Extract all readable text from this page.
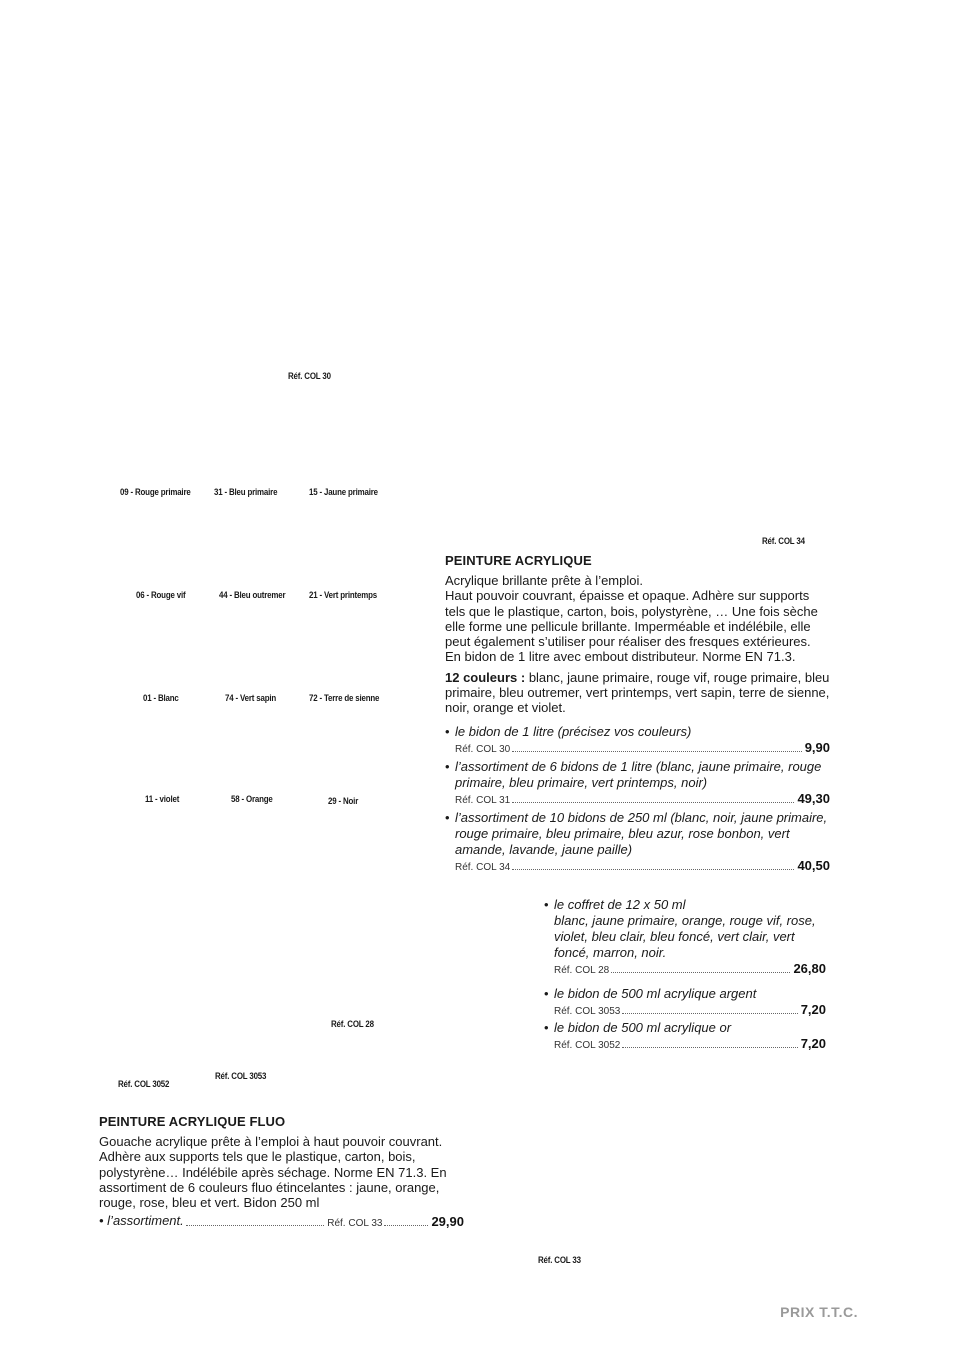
Réf. COL 30
09 - Rouge primaire	31 - Bleu primaire	15 - Jaune primaire
06 - Rouge vif	44 - Bleu outremer	21 - Vert printemps
01 - Blanc	74 - Vert sapin	72 - Terre de sienne
11 - violet	58 - Orange	29 - Noir
Réf. COL 34
Réf. COL 28
Réf. COL 3053
Réf. COL 3052
Réf. COL 33
PEINTURE ACRYLIQUE
Acrylique brillante prête à l’emploi.
Haut pouvoir couvrant, épaisse et opaque. Adhère sur supports tels que le plastique, carton, bois, polystyrène, … Une fois sèche elle forme une pellicule brillante. Imperméable et indélébile, elle peut également s’utiliser pour réaliser des fresques extérieures. En bidon de 1 litre avec embout distributeur. Norme EN 71.3.
12 couleurs : blanc, jaune primaire, rouge vif, rouge primaire, bleu primaire, bleu outremer, vert printemps, vert sapin, terre de sienne, noir, orange et violet.
• le bidon de 1 litre (précisez vos couleurs)
Réf. COL 30	9,90
• l’assortiment de 6 bidons de 1 litre (blanc, jaune primaire, rouge primaire, bleu primaire, vert printemps, noir)
Réf. COL 31	49,30
• l’assortiment de 10 bidons de 250 ml (blanc, noir, jaune primaire, rouge primaire, bleu primaire, bleu azur, rose bonbon, vert amande, lavande, jaune paille)
Réf. COL 34	40,50
• le coffret de 12 x 50 ml
blanc, jaune primaire, orange, rouge vif, rose, violet, bleu clair, bleu foncé, vert clair, vert foncé, marron, noir.
Réf. COL 28	26,80
• le bidon de 500 ml acrylique argent
Réf. COL 3053	7,20
• le bidon de 500 ml acrylique or
Réf. COL 3052	7,20
PEINTURE ACRYLIQUE FLUO
Gouache acrylique prête à l’emploi à haut pouvoir couvrant. Adhère aux supports tels que le plastique, carton, bois, polystyrène… Indélébile après séchage. Norme EN 71.3. En assortiment de 6 couleurs fluo étincelantes : jaune, orange, rouge, rose, bleu et vert. Bidon 250 ml
• l’assortiment.	Réf. COL 33	29,90
PRIX T.T.C.
